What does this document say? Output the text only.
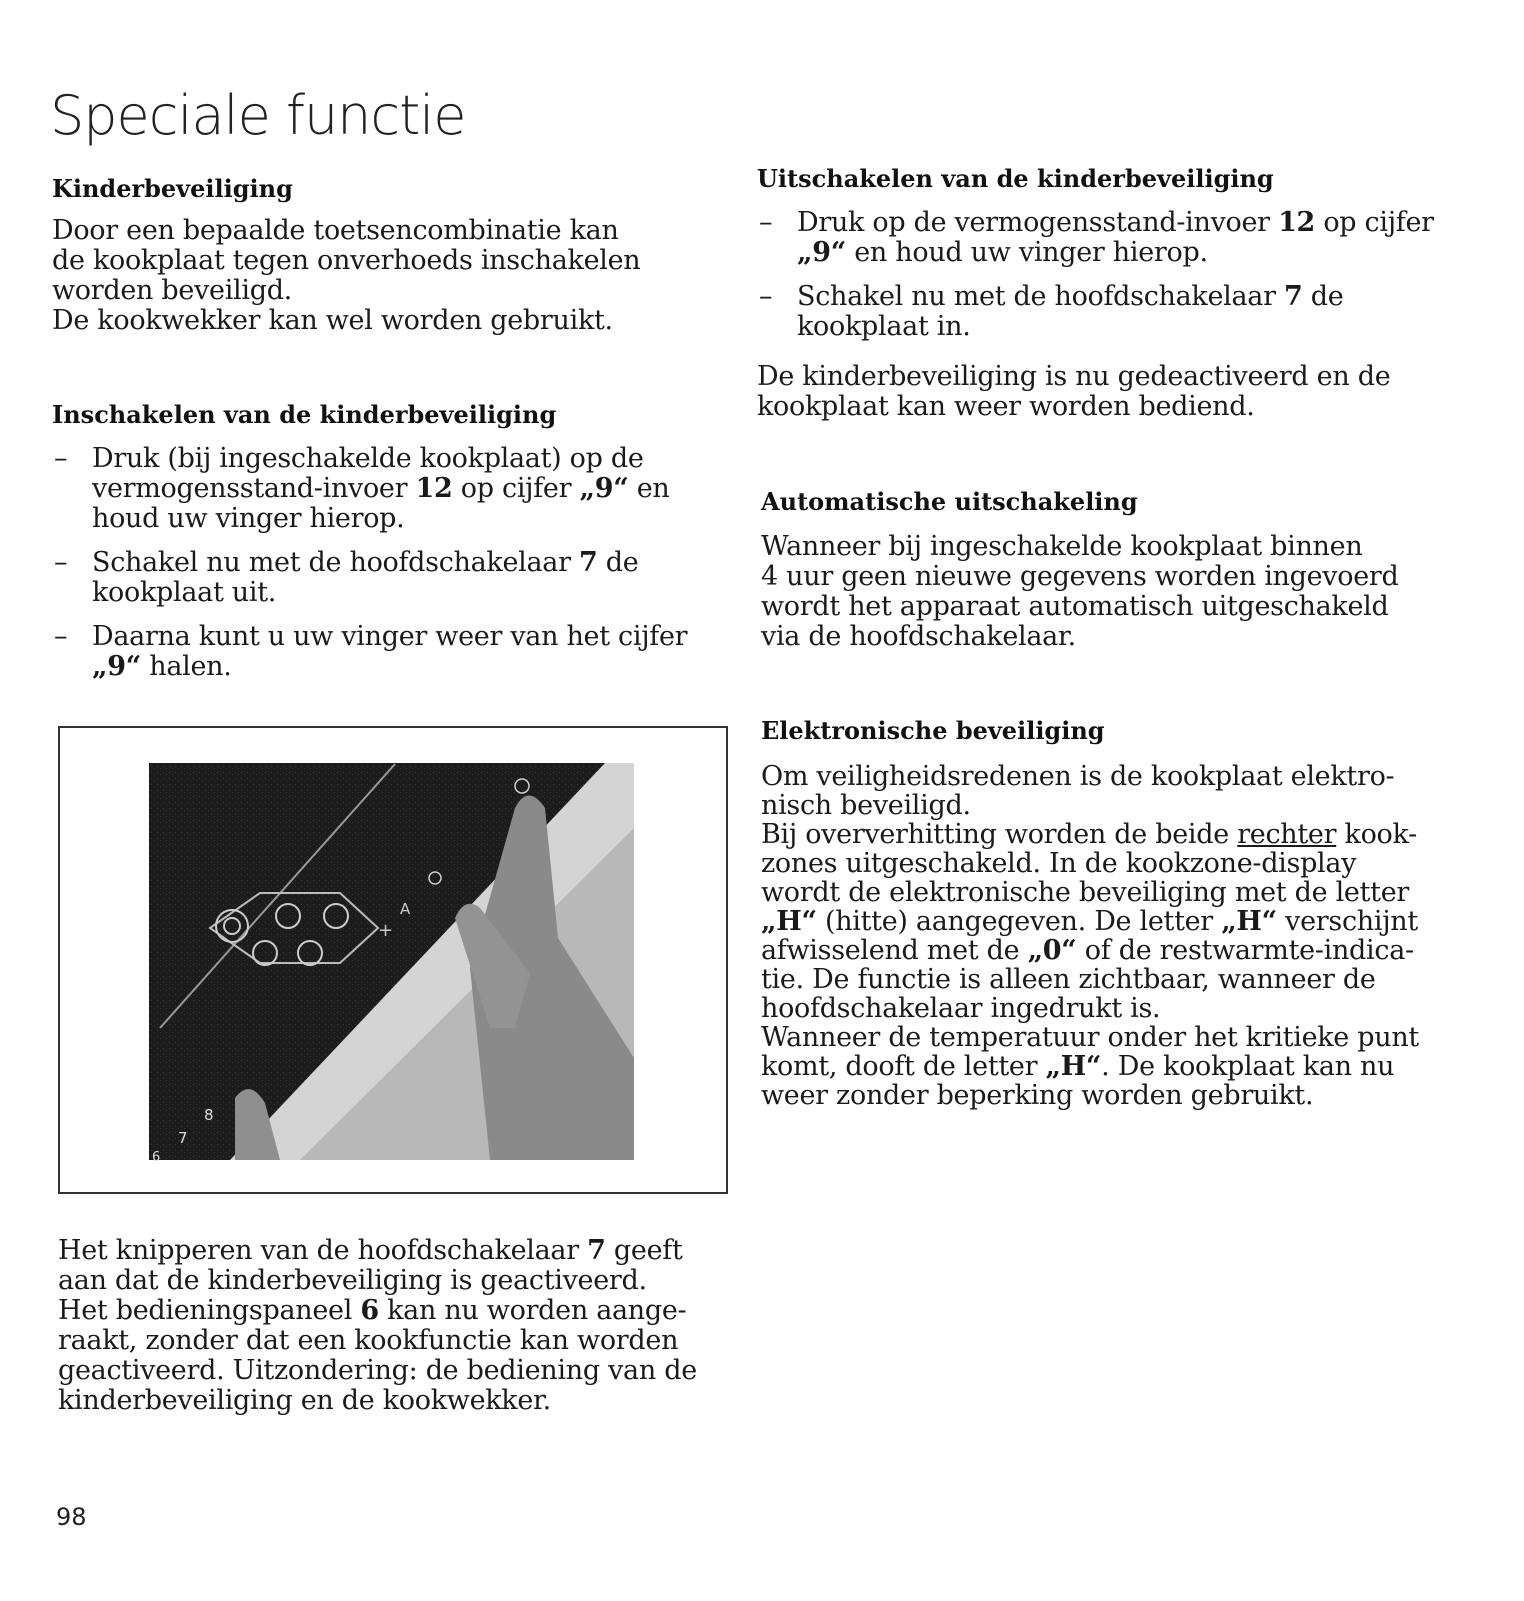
Speciale functie
Kinderbeveiliging
Door een bepaalde toetsencombinatie kan
de kookplaat tegen onverhoeds inschakelen
worden beveiligd.
De kookwekker kan wel worden gebruikt.
Inschakelen van de kinderbeveiliging
– Druk (bij ingeschakelde kookplaat) op de vermogensstand-invoer 12 op cijfer „9“ en houd uw vinger hierop.
– Schakel nu met de hoofdschakelaar 7 de kookplaat uit.
– Daarna kunt u uw vinger weer van het cijfer „9“ halen.
A
+
8
7
6
Het knipperen van de hoofdschakelaar 7 geeft aan dat de kinderbeveiliging is geactiveerd.
Het bedieningspaneel 6 kan nu worden aange-raakt, zonder dat een kookfunctie kan worden geactiveerd. Uitzondering: de bediening van de kinderbeveiliging en de kookwekker.
98
Uitschakelen van de kinderbeveiliging
– Druk op de vermogensstand-invoer 12 op cijfer „9“ en houd uw vinger hierop.
– Schakel nu met de hoofdschakelaar 7 de kookplaat in.
De kinderbeveiliging is nu gedeactiveerd en de kookplaat kan weer worden bediend.
Automatische uitschakeling
Wanneer bij ingeschakelde kookplaat binnen
4 uur geen nieuwe gegevens worden ingevoerd
wordt het apparaat automatisch uitgeschakeld
via de hoofdschakelaar.
Elektronische beveiliging
Om veiligheidsredenen is de kookplaat elektro-nisch beveiligd.
Bij oververhitting worden de beide rechter kook-zones uitgeschakeld. In de kookzone-display wordt de elektronische beveiliging met de letter „H“ (hitte) aangegeven. De letter „H“ verschijnt afwisselend met de „0“ of de restwarmte-indica-tie. De functie is alleen zichtbaar, wanneer de hoofdschakelaar ingedrukt is.
Wanneer de temperatuur onder het kritieke punt komt, dooft de letter „H“. De kookplaat kan nu weer zonder beperking worden gebruikt.
